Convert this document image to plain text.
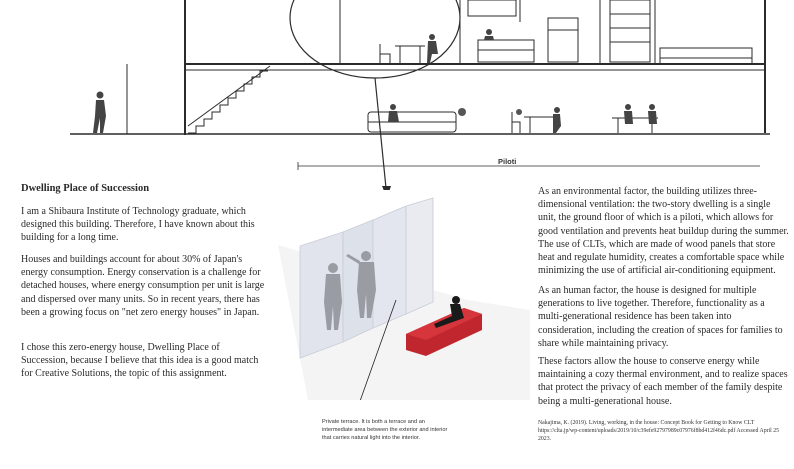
Piloti
Dwelling Place of Succession
I am a Shibaura Institute of Technology graduate, which designed this building. Therefore, I have known about this building for a long time.
Houses and buildings account for about 30% of Japan's energy consumption. Energy conservation is a challenge for detached houses, where energy consumption per unit is large and dispersed over many units. So in recent years, there has been a growing focus on "net zero energy houses" in Japan.
I chose this zero-energy house, Dwelling Place of Succession, because I believe that this idea is a good match for Creative Solutions, the topic of this assignment.
Private terrace. It is both a terrace and an intermediate area between the exterior and interior that carries natural light into the interior.
As an environmental factor, the building utilizes three-dimensional ventilation: the two-story dwelling is a single unit, the ground floor of which is a piloti, which allows for good ventilation and prevents heat buildup during the summer. The use of CLTs, which are made of wood panels that store heat and regulate humidity, creates a comfortable space while minimizing the use of artificial air-conditioning equipment.
As an human factor, the house is designed for multiple generations to live together. Therefore, functionality as a multi-generational residence has been taken into consideration, including the creation of spaces for families to share while maintaining privacy.
These factors allow the house to conserve energy while maintaining a cozy thermal environment, and to realize spaces that protect the privacy of each member of the family despite being a multi-generational house.
Nakajima, K. (2019). Living, working, in the house: Concept Book for Getting to Know CLT https://clta.jp/wp-content/uploads/2019/10/c39efe92797989c07976f8bd412f46dc.pdf Accessed April 25 2023.
